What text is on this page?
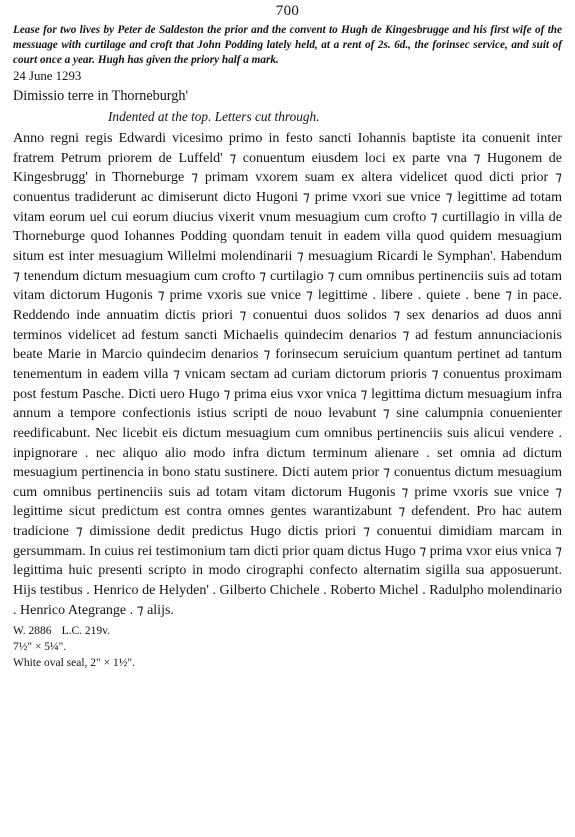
700

Lease for two lives by Peter de Saldeston the prior and the convent to Hugh de Kingesbrugge and his first wife of the messuage with curtilage and croft that John Podding lately held, at a rent of 2s. 6d., the forinsec service, and suit of court once a year. Hugh has given the priory half a mark.

24 June 1293

Dimissio terre in Thorneburgh'

Indented at the top. Letters cut through.

Anno regni regis Edwardi vicesimo primo in festo sancti Iohannis baptiste ita conuenit inter fratrem Petrum priorem de Luffeld' ⁊ conuentum eiusdem loci ex parte vna ⁊ Hugonem de Kingesbrugg' in Thorneburge ⁊ primam vxorem suam ex altera videlicet quod dicti prior ⁊ conuentus tradiderunt ac dimiserunt dicto Hugoni ⁊ prime vxori sue vnice ⁊ legittime ad totam vitam eorum uel cui eorum diucius vixerit vnum mesuagium cum crofto ⁊ curtillagio in villa de Thorneburge quod Iohannes Podding quondam tenuit in eadem villa quod quidem mesuagium situm est inter mesuagium Willelmi molendinarii ⁊ mesuagium Ricardi le Symphan'. Habendum ⁊ tenendum dictum mesuagium cum crofto ⁊ curtilagio ⁊ cum omnibus pertinenciis suis ad totam vitam dictorum Hugonis ⁊ prime vxoris sue vnice ⁊ legittime . libere . quiete . bene ⁊ in pace. Reddendo inde annuatim dictis priori ⁊ conuentui duos solidos ⁊ sex denarios ad duos anni terminos videlicet ad festum sancti Michaelis quindecim denarios ⁊ ad festum annunciacionis beate Marie in Marcio quindecim denarios ⁊ forinsecum seruicium quantum pertinet ad tantum tenementum in eadem villa ⁊ vnicam sectam ad curiam dictorum prioris ⁊ conuentus proximam post festum Pasche. Dicti uero Hugo ⁊ prima eius vxor vnica ⁊ legittima dictum mesuagium infra annum a tempore confectionis istius scripti de nouo levabunt ⁊ sine calumpnia conuenienter reedificabunt. Nec licebit eis dictum mesuagium cum omnibus pertinenciis suis alicui vendere . inpignorare . nec aliquo alio modo infra dictum terminum alienare . set omnia ad dictum mesuagium pertinencia in bono statu sustinere. Dicti autem prior ⁊ conuentus dictum mesuagium cum omnibus pertinenciis suis ad totam vitam dictorum Hugonis ⁊ prime vxoris sue vnice ⁊ legittime sicut predictum est contra omnes gentes warantizabunt ⁊ defendent. Pro hac autem tradicione ⁊ dimissione dedit predictus Hugo dictis priori ⁊ conuentui dimidiam marcam in gersummam. In cuius rei testimonium tam dicti prior quam dictus Hugo ⁊ prima vxor eius vnica ⁊ legittima huic presenti scripto in modo cirographi confecto alternatim sigilla sua apposuerunt. Hijs testibus . Henrico de Helyden' . Gilberto Chichele . Roberto Michel . Radulpho molendinario . Henrico Ategrange . ⁊ alijs.

W. 2886 L.C. 219v.
7½" × 5¼".
White oval seal, 2" × 1½".
